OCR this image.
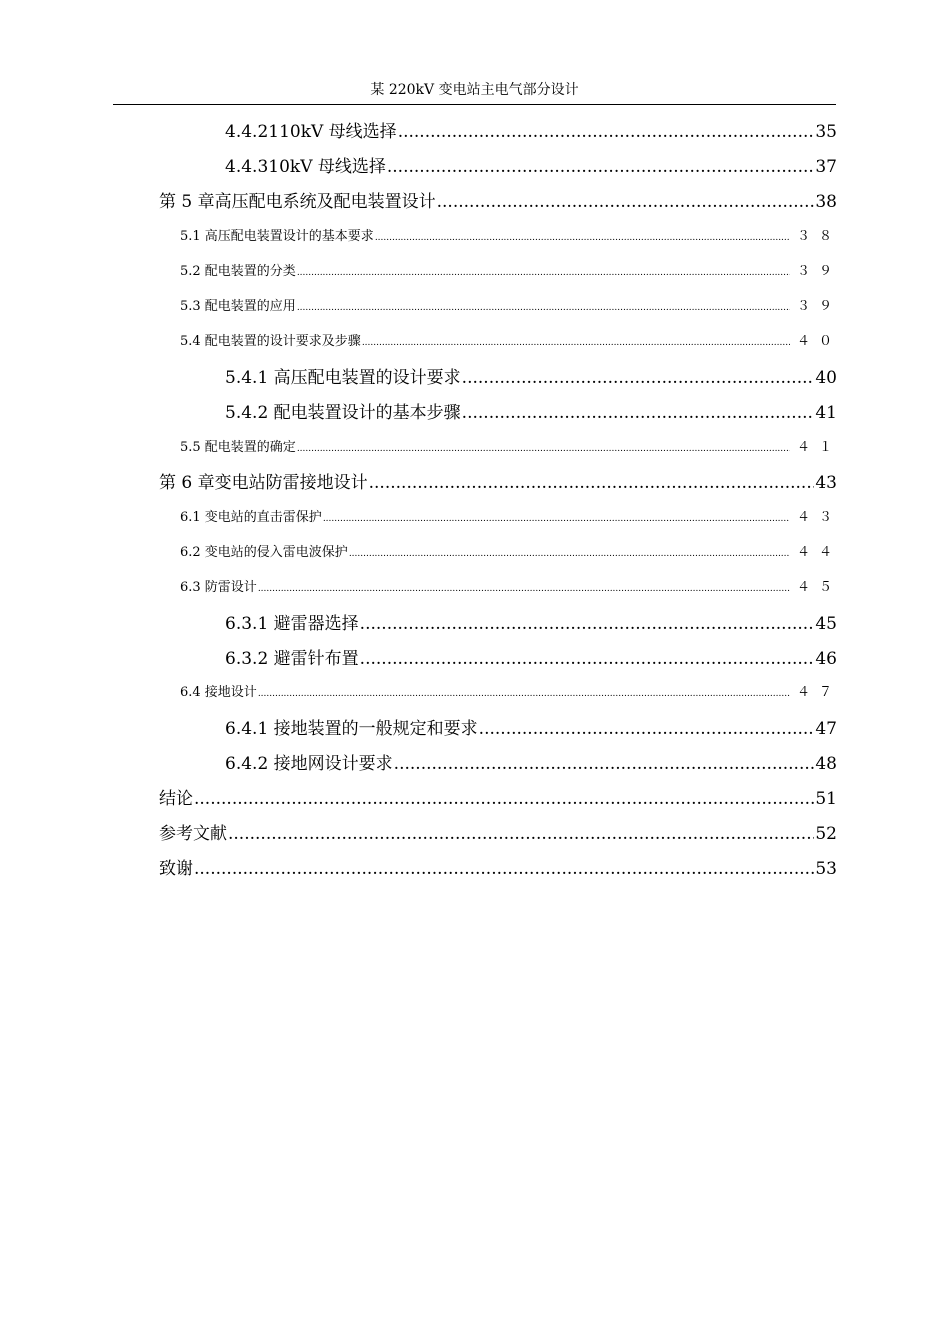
某 220kV 变电站主电气部分设计
4.4.2110kV 母线选择 .....	35
4.4.310kV 母线选择 .....	37
第 5 章高压配电系统及配电装置设计 .....	38
5.1 高压配电装置设计的基本要求 .....	３８
5.2 配电装置的分类 .....	３９
5.3 配电装置的应用 .....	３９
5.4 配电装置的设计要求及步骤 .....	４０
5.4.1 高压配电装置的设计要求 .....	40
5.4.2 配电装置设计的基本步骤 .....	41
5.5 配电装置的确定 .....	４１
第 6 章变电站防雷接地设计 .....	43
6.1 变电站的直击雷保护 .....	４３
6.2 变电站的侵入雷电波保护 .....	４４
6.3 防雷设计 .....	４５
6.3.1 避雷器选择 .....	45
6.3.2 避雷针布置 .....	46
6.4 接地设计 .....	４７
6.4.1 接地装置的一般规定和要求 .....	47
6.4.2 接地网设计要求 .....	48
结论 .....	51
参考文献 .....	52
致谢 .....	53
